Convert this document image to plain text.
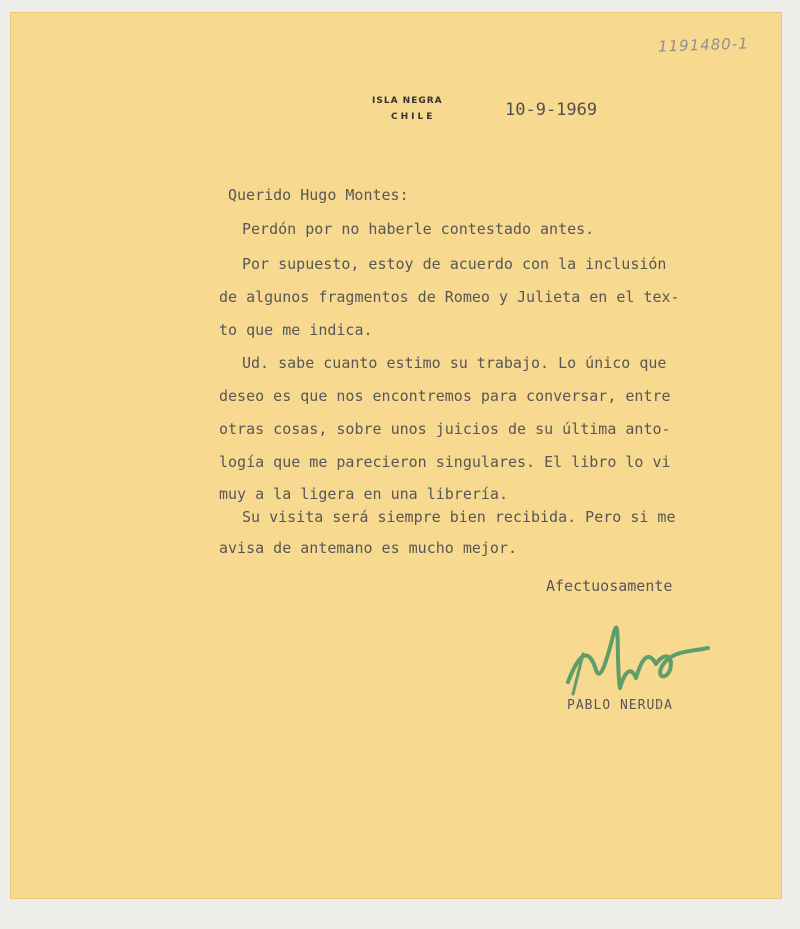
1191480-1
ISLA NEGRA
CHILE	10-9-1969
Querido Hugo Montes:
Perdón por no haberle contestado antes.
Por supuesto, estoy de acuerdo con la inclusión
de algunos fragmentos de Romeo y Julieta en el tex-
to que me indica.
Ud. sabe cuanto estimo su trabajo. Lo único que
deseo es que nos encontremos para conversar, entre
otras cosas, sobre unos juicios de su última anto-
logía que me parecieron singulares. El libro lo vi
muy a la ligera en una librería.
Su visita será siempre bien recibida. Pero si me
avisa de antemano es mucho mejor.
Afectuosamente
PABLO NERUDA
